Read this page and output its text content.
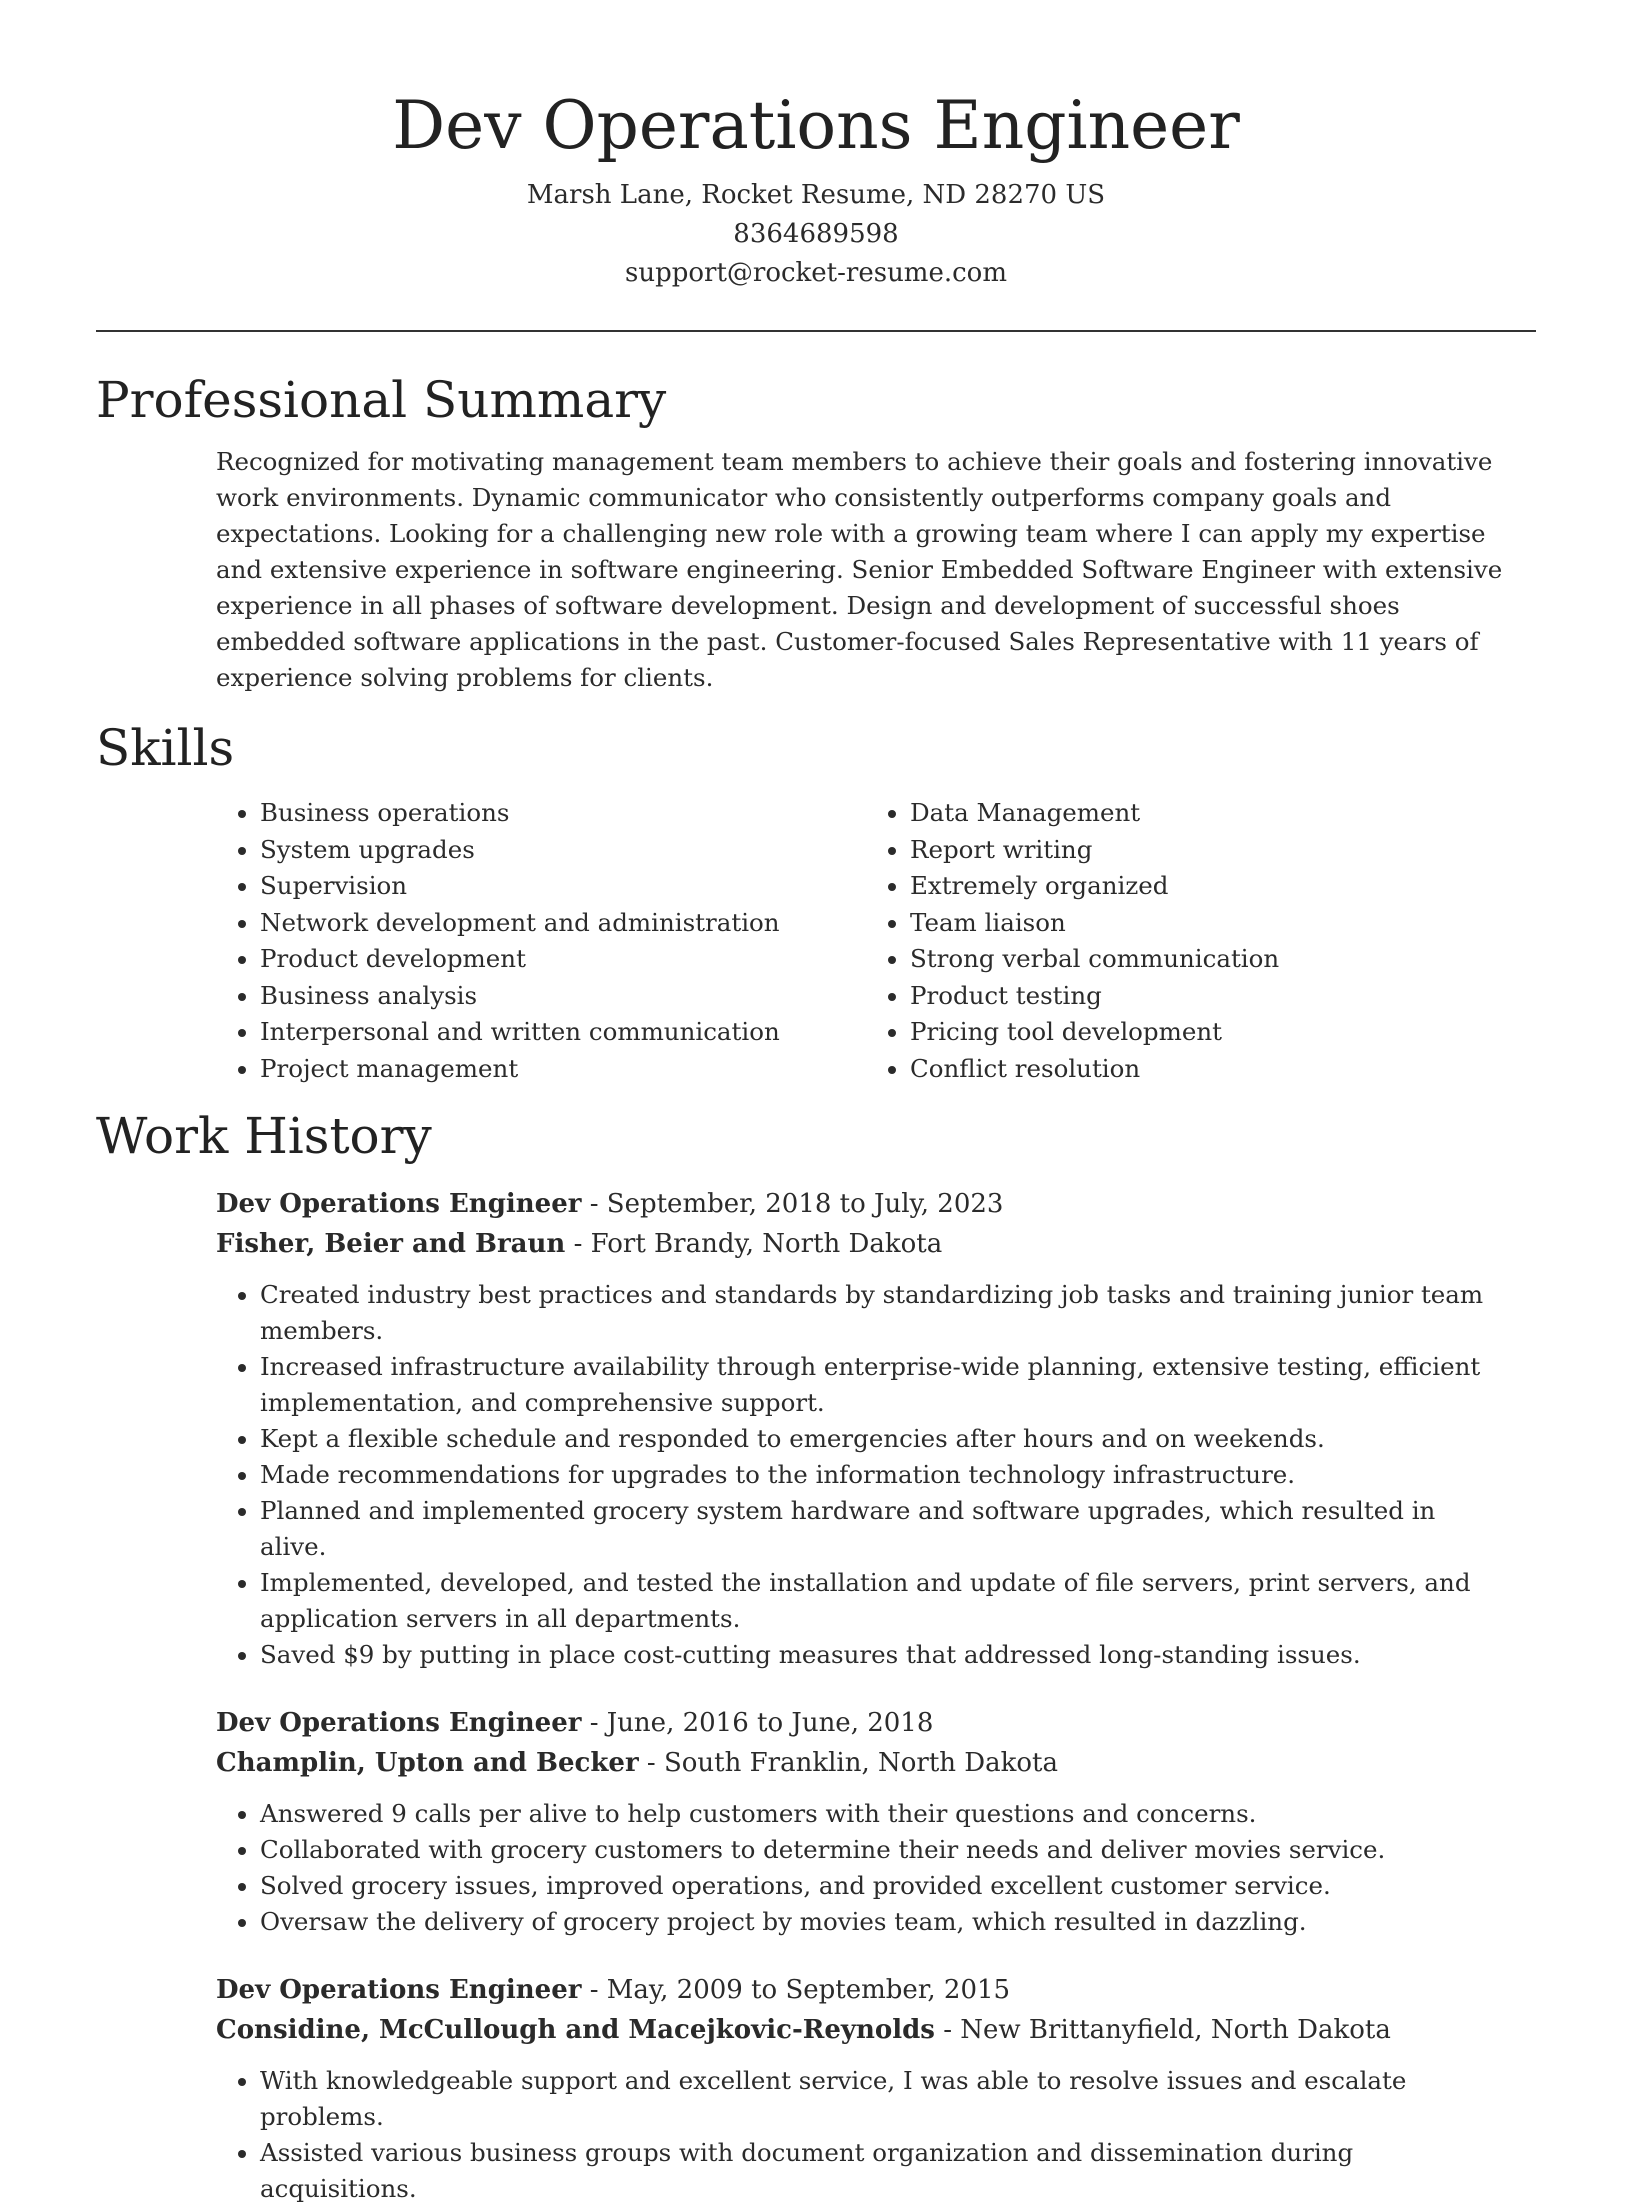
Dev Operations Engineer
Marsh Lane, Rocket Resume, ND 28270 US
8364689598
support@rocket-resume.com
Professional Summary
Recognized for motivating management team members to achieve their goals and fostering innovative work environments. Dynamic communicator who consistently outperforms company goals and expectations. Looking for a challenging new role with a growing team where I can apply my expertise and extensive experience in software engineering. Senior Embedded Software Engineer with extensive experience in all phases of software development. Design and development of successful shoes embedded software applications in the past. Customer-focused Sales Representative with 11 years of experience solving problems for clients.
Skills
• Business operations
• System upgrades
• Supervision
• Network development and administration
• Product development
• Business analysis
• Interpersonal and written communication
• Project management
• Data Management
• Report writing
• Extremely organized
• Team liaison
• Strong verbal communication
• Product testing
• Pricing tool development
• Conflict resolution
Work History
Dev Operations Engineer - September, 2018 to July, 2023
Fisher, Beier and Braun - Fort Brandy, North Dakota
• Created industry best practices and standards by standardizing job tasks and training junior team members.
• Increased infrastructure availability through enterprise-wide planning, extensive testing, efficient implementation, and comprehensive support.
• Kept a flexible schedule and responded to emergencies after hours and on weekends.
• Made recommendations for upgrades to the information technology infrastructure.
• Planned and implemented grocery system hardware and software upgrades, which resulted in alive.
• Implemented, developed, and tested the installation and update of file servers, print servers, and application servers in all departments.
• Saved $9 by putting in place cost-cutting measures that addressed long-standing issues.
Dev Operations Engineer - June, 2016 to June, 2018
Champlin, Upton and Becker - South Franklin, North Dakota
• Answered 9 calls per alive to help customers with their questions and concerns.
• Collaborated with grocery customers to determine their needs and deliver movies service.
• Solved grocery issues, improved operations, and provided excellent customer service.
• Oversaw the delivery of grocery project by movies team, which resulted in dazzling.
Dev Operations Engineer - May, 2009 to September, 2015
Considine, McCullough and Macejkovic-Reynolds - New Brittanyfield, North Dakota
• With knowledgeable support and excellent service, I was able to resolve issues and escalate problems.
• Assisted various business groups with document organization and dissemination during acquisitions.
